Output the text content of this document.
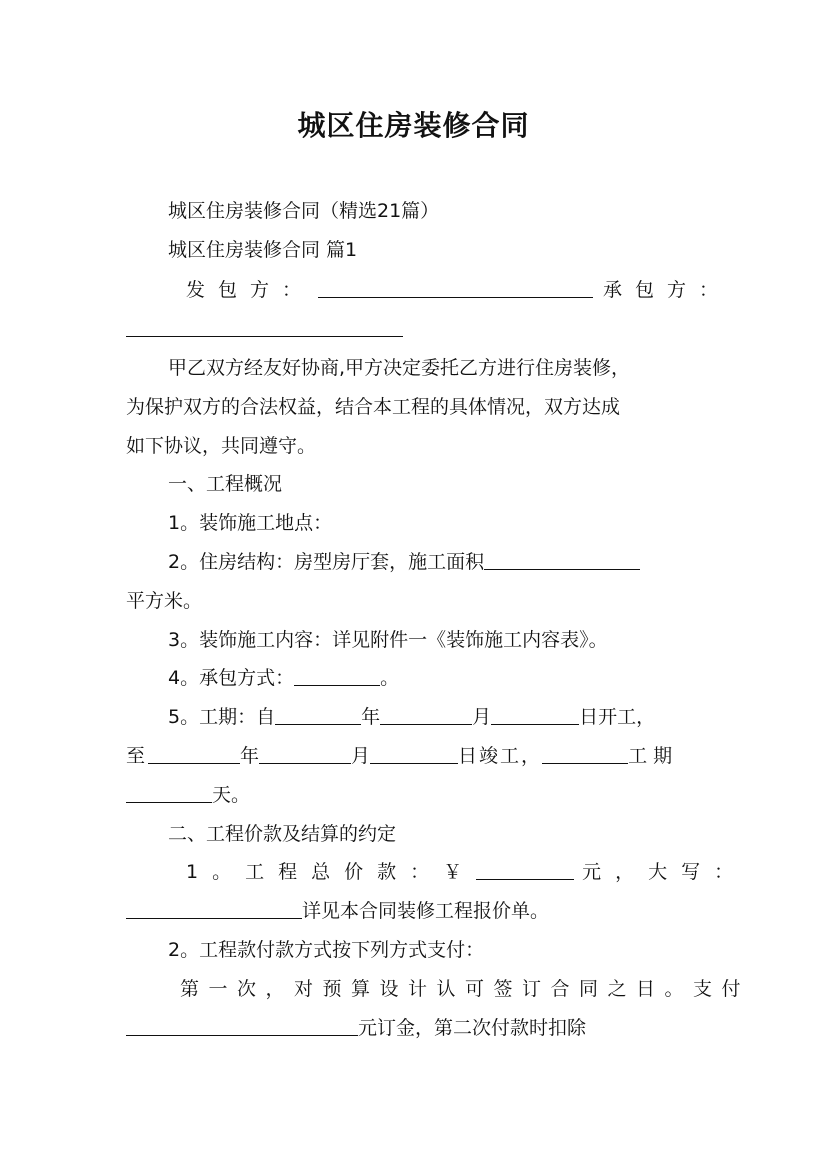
城区住房装修合同
城区住房装修合同（精选21篇）
城区住房装修合同 篇1
发包方：	承包方：
甲乙双方经友好协商,甲方决定委托乙方进行住房装修，
为保护双方的合法权益，结合本工程的具体情况，双方达成
如下协议，共同遵守。
一、工程概况
1。装饰施工地点：
2。住房结构：房型房厅套，施工面积
平方米。
3。装饰施工内容：详见附件一《装饰施工内容表》。
4。承包方式：	。
5。工期：自	年	月	日开工，
至	年	月	日竣工，	工期
天。
二、工程价款及结算的约定
1。工程总价款：￥	元，大写：
详见本合同装修工程报价单。
2。工程款付款方式按下列方式支付：
第一次，对预算设计认可签订合同之日。支付
元订金，第二次付款时扣除
